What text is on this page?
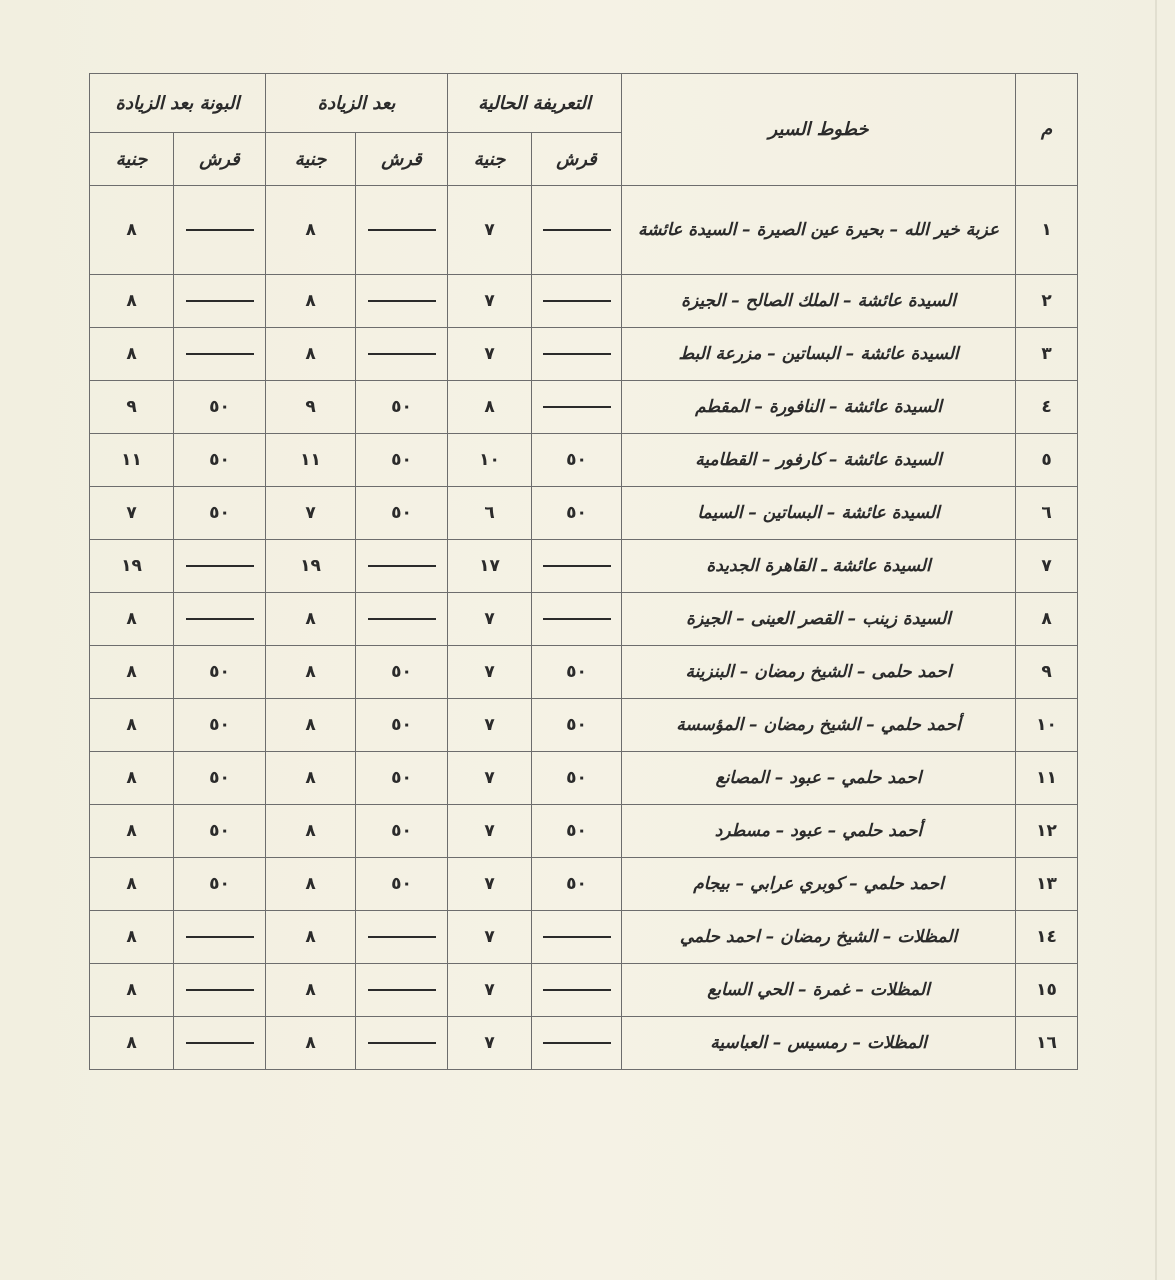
م	خطوط السير	التعريفة الحالية		بعد الزيادة		البونة بعد الزيادة	
		قرش	جنية	قرش	جنية	قرش	جنية
١	عزبة خير الله – بحيرة عين الصيرة – السيدة عائشة		٧		٨		٨
٢	السيدة عائشة – الملك الصالح – الجيزة		٧		٨		٨
٣	السيدة عائشة – البساتين – مزرعة البط		٧		٨		٨
٤	السيدة عائشة – النافورة – المقطم		٨	٥٠	٩	٥٠	٩
٥	السيدة عائشة – كارفور – القطامية	٥٠	١٠	٥٠	١١	٥٠	١١
٦	السيدة عائشة – البساتين – السيما	٥٠	٦	٥٠	٧	٥٠	٧
٧	السيدة عائشة ـ القاهرة الجديدة		١٧		١٩		١٩
٨	السيدة زينب – القصر العينى – الجيزة		٧		٨		٨
٩	احمد حلمى – الشيخ رمضان – البنزينة	٥٠	٧	٥٠	٨	٥٠	٨
١٠	أحمد حلمي – الشيخ رمضان – المؤسسة	٥٠	٧	٥٠	٨	٥٠	٨
١١	احمد حلمي – عبود – المصانع	٥٠	٧	٥٠	٨	٥٠	٨
١٢	أحمد حلمي – عبود – مسطرد	٥٠	٧	٥٠	٨	٥٠	٨
١٣	احمد حلمي – كوبري عرابي – بيجام	٥٠	٧	٥٠	٨	٥٠	٨
١٤	المظلات – الشيخ رمضان – احمد حلمي		٧		٨		٨
١٥	المظلات – غمرة – الحي السابع		٧		٨		٨
١٦	المظلات – رمسيس – العباسية		٧		٨		٨
